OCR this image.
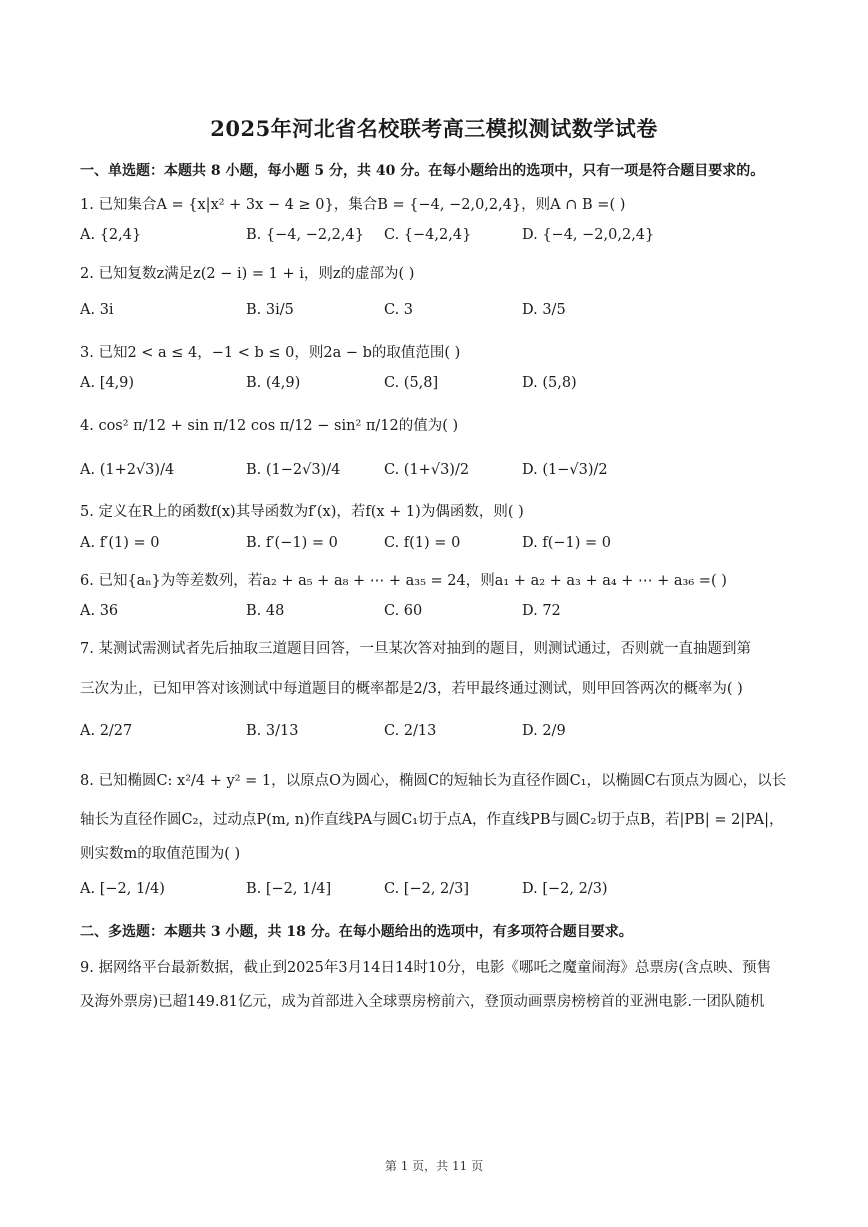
2025年河北省名校联考高三模拟测试数学试卷
一、单选题：本题共 8 小题，每小题 5 分，共 40 分。在每小题给出的选项中，只有一项是符合题目要求的。
1. 已知集合A = {x|x² + 3x − 4 ≥ 0}，集合B = {−4, −2,0,2,4}，则A ∩ B =( )
A. {2,4}	B. {−4, −2,2,4} C. {−4,2,4}	D. {−4, −2,0,2,4}
2. 已知复数z满足z(2 − i) = 1 + i，则z的虚部为( )
A. 3i	B. 3i/5	C. 3	D. 3/5
3. 已知2 < a ≤ 4，−1 < b ≤ 0，则2a − b的取值范围( )
A. [4,9)	B. (4,9)	C. (5,8]	D. (5,8)
4. cos² π/12 + sin π/12 cos π/12 − sin² π/12的值为( )
A. (1+2√3)/4	B. (1−2√3)/4	C. (1+√3)/2	D. (1−√3)/2
5. 定义在R上的函数f(x)其导函数为f′(x)，若f(x + 1)为偶函数，则( )
A. f′(1) = 0	B. f′(−1) = 0	C. f(1) = 0	D. f(−1) = 0
6. 已知{aₙ}为等差数列，若a₂ + a₅ + a₈ + ⋯ + a₃₅ = 24，则a₁ + a₂ + a₃ + a₄ + ⋯ + a₃₆ =( )
A. 36	B. 48	C. 60	D. 72
7. 某测试需测试者先后抽取三道题目回答，一旦某次答对抽到的题目，则测试通过，否则就一直抽题到第
三次为止，已知甲答对该测试中每道题目的概率都是2/3，若甲最终通过测试，则甲回答两次的概率为( )
A. 2/27	B. 3/13	C. 2/13	D. 2/9
8. 已知椭圆C: x²/4 + y² = 1，以原点O为圆心，椭圆C的短轴长为直径作圆C₁，以椭圆C右顶点为圆心，以长
轴长为直径作圆C₂，过动点P(m, n)作直线PA与圆C₁切于点A，作直线PB与圆C₂切于点B，若|PB| = 2|PA|，
则实数m的取值范围为( )
A. [−2, 1/4)	B. [−2, 1/4]	C. [−2, 2/3]	D. [−2, 2/3)
二、多选题：本题共 3 小题，共 18 分。在每小题给出的选项中，有多项符合题目要求。
9. 据网络平台最新数据，截止到2025年3月14日14时10分，电影《哪吒之魔童闹海》总票房(含点映、预售
及海外票房)已超149.81亿元，成为首部进入全球票房榜前六，登顶动画票房榜榜首的亚洲电影.一团队随机
第 1 页，共 11 页
